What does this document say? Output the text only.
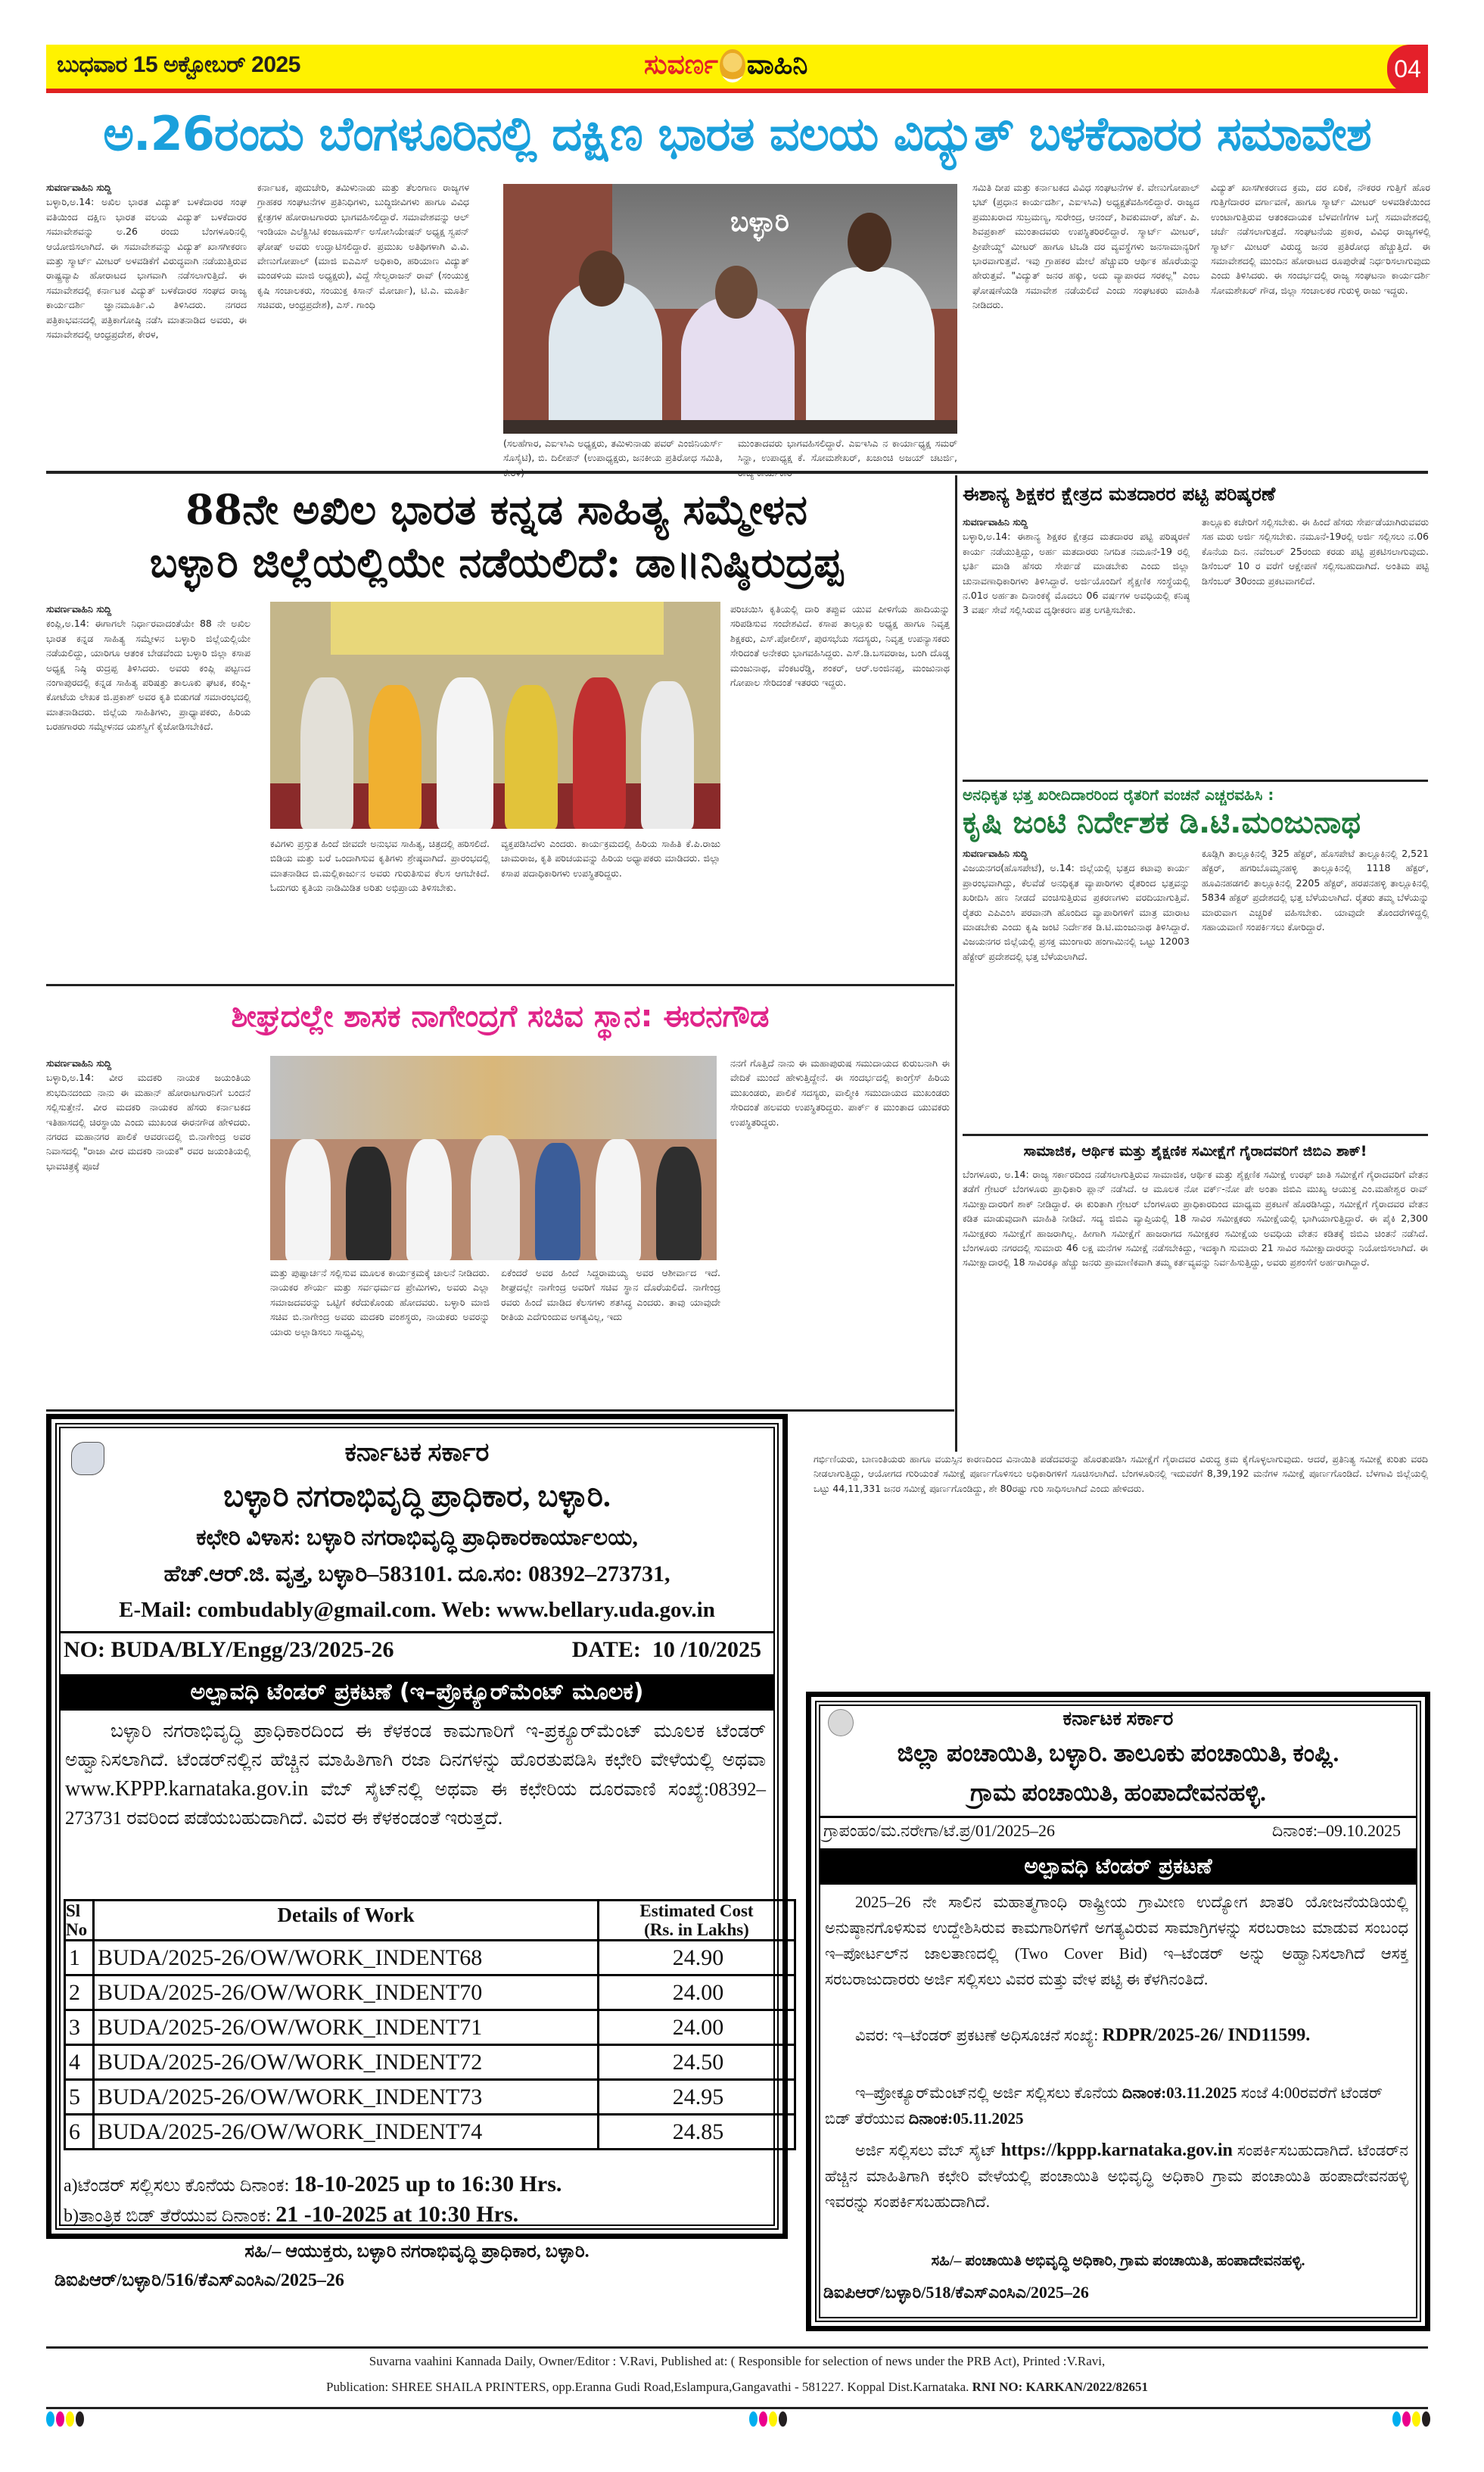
ಬುಧವಾರ 15 ಅಕ್ಟೋಬರ್ 2025	ಸುವರ್ಣ ವಾಹಿನಿ	04
ಅ.26ರಂದು ಬೆಂಗಳೂರಿನಲ್ಲಿ ದಕ್ಷಿಣ ಭಾರತ ವಲಯ ವಿದ್ಯುತ್ ಬಳಕೆದಾರರ ಸಮಾವೇಶ
ಸುವರ್ಣವಾಹಿನಿ ಸುದ್ದಿ
ಬಳ್ಳಾರಿ,ಅ.14: ಅಖಿಲ ಭಾರತ ವಿದ್ಯುತ್ ಬಳಕೆದಾರರ ಸಂಘ ವತಿಯಿಂದ ದಕ್ಷಿಣ ಭಾರತ ವಲಯ ವಿದ್ಯುತ್ ಬಳಕೆದಾರರ ಸಮಾವೇಶವನ್ನು ಅ.26 ರಂದು ಬೆಂಗಳೂರಿನಲ್ಲಿ ಆಯೋಜಿಸಲಾಗಿದೆ. ಈ ಸಮಾವೇಶವನ್ನು ವಿದ್ಯುತ್ ಖಾಸಗೀಕರಣ ಮತ್ತು ಸ್ಮಾರ್ಟ್ ಮೀಟರ್ ಅಳವಡಿಕೆಗೆ ವಿರುದ್ಧವಾಗಿ ನಡೆಯುತ್ತಿರುವ ರಾಷ್ಟ್ರವ್ಯಾಪಿ ಹೋರಾಟದ ಭಾಗವಾಗಿ ನಡೆಸಲಾಗುತ್ತಿದೆ. ಈ ಸಮಾವೇಶದಲ್ಲಿ ಕರ್ನಾಟಕ ವಿದ್ಯುತ್ ಬಳಕೆದಾರರ ಸಂಘದ ರಾಜ್ಯ ಕಾರ್ಯದರ್ಶಿ ಜ್ಞಾನಮೂರ್ತಿ.ವಿ ತಿಳಿಸಿದರು. ನಗರದ ಪತ್ರಿಕಾಭವನದಲ್ಲಿ ಪತ್ರಿಕಾಗೋಷ್ಠಿ ನಡೆಸಿ ಮಾತನಾಡಿದ ಅವರು, ಈ ಸಮಾವೇಶದಲ್ಲಿ ಆಂಧ್ರಪ್ರದೇಶ, ಕೇರಳ,
ಕರ್ನಾಟಕ, ಪುದುಚೇರಿ, ತಮಿಳುನಾಡು ಮತ್ತು ತೆಲಂಗಾಣ ರಾಜ್ಯಗಳ ಗ್ರಾಹಕರ ಸಂಘಟನೆಗಳ ಪ್ರತಿನಿಧಿಗಳು, ಬುದ್ಧಿಜೀವಿಗಳು ಹಾಗೂ ವಿವಿಧ ಕ್ಷೇತ್ರಗಳ ಹೋರಾಟಗಾರರು ಭಾಗವಹಿಸಲಿದ್ದಾರೆ. ಸಮಾವೇಶವನ್ನು ಆಲ್ ಇಂಡಿಯಾ ಎಲೆಕ್ಟ್ರಿಸಿಟಿ ಕಂಜೂಮರ್ಸ್ ಅಸೋಸಿಯೇಷನ್ ಅಧ್ಯಕ್ಷ ಸ್ವಪನ್ ಘೋಷ್ ಅವರು ಉದ್ಘಾಟಿಸಲಿದ್ದಾರೆ. ಪ್ರಮುಖ ಅತಿಥಿಗಳಾಗಿ ವಿ.ವಿ. ವೇಣುಗೋಪಾಲ್ (ಮಾಜಿ ಐಎಎಸ್ ಅಧಿಕಾರಿ, ಹರಿಯಾಣ ವಿದ್ಯುತ್ ಮಂಡಳಿಯ ಮಾಜಿ ಅಧ್ಯಕ್ಷರು), ವಿದ್ದೆ ಸೇಲ್ವರಾಜನ್ ರಾವ್ (ಸಂಯುಕ್ತ ಕೃಷಿ ಸಂಚಾಲಕರು, ಸಂಯುಕ್ತ ಕಿಸಾನ್ ಮೋರ್ಚಾ), ಟಿ.ಎ. ಮೂರ್ತಿ ಸಚಿವರು, ಆಂಧ್ರಪ್ರದೇಶ), ಎಸ್. ಗಾಂಧಿ
ಬಳ್ಳಾರಿ
(ಸಲಹೆಗಾರ, ಎಐಇಸಿಎ ಅಧ್ಯಕ್ಷರು, ತಮಿಳುನಾಡು ಪವರ್ ಎಂಜಿನಿಯರ್ಸ್ ಸೊಸೈಟಿ), ಬಿ. ದಿಲೀಪನ್ (ಉಪಾಧ್ಯಕ್ಷರು, ಜನಕೀಯ ಪ್ರತಿರೋಧ ಸಮಿತಿ,
ಮುಂತಾದವರು ಭಾಗವಹಿಸಲಿದ್ದಾರೆ. ಎಐಇಸಿಎ ನ ಕಾರ್ಯಾಧ್ಯಕ್ಷ ಸಮರ್ ಸಿನ್ಹಾ, ಉಪಾಧ್ಯಕ್ಷ ಕೆ. ಸೋಮಶೇಖರ್, ಖಜಾಂಚಿ ಅಜಯ್ ಚಟರ್ಜಿ,
ಸಮಿತಿ ದೀಪ ಮತ್ತು ಕರ್ನಾಟಕದ ವಿವಿಧ ಸಂಘಟನೆಗಳ ಕೆ. ವೇಣುಗೋಪಾಲ್ ಭಟ್ (ಪ್ರಧಾನ ಕಾರ್ಯದರ್ಶಿ, ಎಐಇಸಿಎ) ಅಧ್ಯಕ್ಷತೆವಹಿಸಲಿದ್ದಾರೆ. ರಾಜ್ಯದ ಪ್ರಮುಖರಾದ ಸುಬ್ರಮಣ್ಯ, ಸುರೇಂದ್ರ, ಆನಂದ್, ಶಿವಕುಮಾರ್, ಹೆಚ್. ಪಿ. ಶಿವಪ್ರಕಾಶ್ ಮುಂತಾದವರು ಉಪಸ್ಥಿತರಿರಲಿದ್ದಾರೆ. ಸ್ಮಾರ್ಟ್ ಮೀಟರ್, ಪ್ರೀಪೇಯ್ಡ್ ಮೀಟರ್ ಹಾಗೂ ಟಿಒಡಿ ದರ ವ್ಯವಸ್ಥೆಗಳು ಜನಸಾಮಾನ್ಯರಿಗೆ ಭಾರವಾಗುತ್ತವೆ. ಇವು ಗ್ರಾಹಕರ ಮೇಲೆ ಹೆಚ್ಚುವರಿ ಆರ್ಥಿಕ ಹೊರೆಯನ್ನು ಹೇರುತ್ತವೆ. "ವಿದ್ಯುತ್ ಜನರ ಹಕ್ಕು, ಅದು ವ್ಯಾಪಾರದ ಸರಕಲ್ಲ" ಎಂಬ ಘೋಷಣೆಯಡಿ ಸಮಾವೇಶ ನಡೆಯಲಿದೆ ಎಂದು ಸಂಘಟಕರು ಮಾಹಿತಿ ನೀಡಿದರು.
ವಿದ್ಯುತ್ ಖಾಸಗೀಕರಣದ ಕ್ರಮ, ದರ ಏರಿಕೆ, ನೌಕರರ ಗುತ್ತಿಗೆ ಹೊರ ಗುತ್ತಿಗೆದಾರರ ವರ್ಗಾವಣೆ, ಹಾಗೂ ಸ್ಮಾರ್ಟ್ ಮೀಟರ್ ಅಳವಡಿಕೆಯಿಂದ ಉಂಟಾಗುತ್ತಿರುವ ಆತಂಕದಾಯಕ ಬೆಳವಣಿಗೆಗಳ ಬಗ್ಗೆ ಸಮಾವೇಶದಲ್ಲಿ ಚರ್ಚೆ ನಡೆಸಲಾಗುತ್ತದೆ. ಸಂಘಟನೆಯ ಪ್ರಕಾರ, ವಿವಿಧ ರಾಜ್ಯಗಳಲ್ಲಿ ಸ್ಮಾರ್ಟ್ ಮೀಟರ್ ವಿರುದ್ಧ ಜನರ ಪ್ರತಿರೋಧ ಹೆಚ್ಚುತ್ತಿದೆ. ಈ ಸಮಾವೇಶದಲ್ಲಿ ಮುಂದಿನ ಹೋರಾಟದ ರೂಪುರೇಷೆ ನಿರ್ಧರಿಸಲಾಗುವುದು ಎಂದು ತಿಳಿಸಿದರು. ಈ ಸಂದರ್ಭದಲ್ಲಿ ರಾಜ್ಯ ಸಂಘಟನಾ ಕಾರ್ಯದರ್ಶಿ ಸೋಮಶೇಖರ್ ಗೌಡ, ಜಿಲ್ಲಾ ಸಂಚಾಲಕರ ಗುರುಳ್ಳಿ ರಾಜು ಇದ್ದರು.
88ನೇ ಅಖಿಲ ಭಾರತ ಕನ್ನಡ ಸಾಹಿತ್ಯ ಸಮ್ಮೇಳನ
ಬಳ್ಳಾರಿ ಜಿಲ್ಲೆಯಲ್ಲಿಯೇ ನಡೆಯಲಿದೆ: ಡಾ॥ನಿಷ್ಠಿರುದ್ರಪ್ಪ
ಸುವರ್ಣವಾಹಿನಿ ಸುದ್ದಿ
ಕಂಪ್ಲಿ,ಅ.14: ಈಗಾಗಲೇ ನಿರ್ಧಾರವಾದಂತೆಯೇ 88 ನೇ ಅಖಿಲ ಭಾರತ ಕನ್ನಡ ಸಾಹಿತ್ಯ ಸಮ್ಮೇಳನ ಬಳ್ಳಾರಿ ಜಿಲ್ಲೆಯಲ್ಲಿಯೇ ನಡೆಯಲಿದ್ದು, ಯಾರಿಗೂ ಆತಂಕ ಬೇಡವೆಂದು ಬಳ್ಳಾರಿ ಜಿಲ್ಲಾ ಕಸಾಪ ಅಧ್ಯಕ್ಷ ನಿಷ್ಠಿ ರುದ್ರಪ್ಪ ತಿಳಿಸಿದರು. ಅವರು ಕಂಪ್ಲಿ ಪಟ್ಟಣದ ನಂಗಾಪುರದಲ್ಲಿ ಕನ್ನಡ ಸಾಹಿತ್ಯ ಪರಿಷತ್ತು ತಾಲೂಕು ಘಟಕ, ಕಂಪ್ಲಿ-ಕೋಟೆಯ ಲೇಖಕ ಜಿ.ಪ್ರಕಾಶ್ ಅವರ ಕೃತಿ ಬಿಡುಗಡೆ ಸಮಾರಂಭದಲ್ಲಿ ಮಾತನಾಡಿದರು. ಜಿಲ್ಲೆಯ ಸಾಹಿತಿಗಳು, ಪ್ರಾಧ್ಯಾಪಕರು, ಹಿರಿಯ ಬರಹಗಾರರು ಸಮ್ಮೇಳನದ ಯಶಸ್ವಿಗೆ ಕೈಜೋಡಿಸಬೇಕಿದೆ.
ಕವಿಗಳು ಪ್ರಸ್ತುತ ಹಿಂದೆ ಜೀವದೇ ಅನುಭವ ಸಾಹಿತ್ಯ, ಚಿತ್ರದಲ್ಲಿ ಹರಿಸಲಿದೆ. ಬಿಡಿಯ ಮತ್ತು ಬರೆ ಒಂದಾಗಿಸುವ ಕೃತಿಗಳು ಶ್ರೇಷ್ಠವಾಗಿದೆ. ಪ್ರಾರಂಭದಲ್ಲಿ ಮಾತನಾಡಿದ ಬಿ.ಮಲ್ಲಿಕಾರ್ಜುನ ಅವರು ಗುರುತಿಸುವ ಕೆಲಸ ಆಗಬೇಕಿದೆ. ಓದುಗರು ಕೃತಿಯ ನಾಡಿಮಿಡಿತ ಅರಿತು ಅಭಿಪ್ರಾಯ ತಿಳಿಸಬೇಕು.
ವ್ಯಕ್ತಪಡಿಸಿದೆಳು ಎಂದರು. ಕಾರ್ಯಕ್ರಮದಲ್ಲಿ ಹಿರಿಯ ಸಾಹಿತಿ ಕೆ.ಪಿ.ರಾಜು ಚಾಮರಾಜ, ಕೃತಿ ಪರಿಚಯವನ್ನು ಹಿರಿಯ ಅಧ್ಯಾಪಕರು ಮಾಡಿದರು. ಜಿಲ್ಲಾ ಕಸಾಪ ಪದಾಧಿಕಾರಿಗಳು ಉಪಸ್ಥಿತರಿದ್ದರು.
ಪರಿಚಯಿಸಿ ಕೃತಿಯಲ್ಲಿ ದಾರಿ ತಪ್ಪುವ ಯುವ ಪೀಳಿಗೆಯ ಹಾದಿಯನ್ನು ಸರಿಪಡಿಸುವ ಸಂದೇಶವಿದೆ. ಕಸಾಪ ತಾಲ್ಲೂಕು ಅಧ್ಯಕ್ಷ ಹಾಗೂ ನಿವೃತ್ತ ಶಿಕ್ಷಕರು, ಎಸ್.ಪೋಲೀಸ್, ಪುರಸಭೆಯ ಸದಸ್ಯರು, ನಿವೃತ್ತ ಉಪನ್ಯಾಸಕರು ಸೇರಿದಂತೆ ಅನೇಕರು ಭಾಗವಹಿಸಿದ್ದರು. ಎಸ್.ಡಿ.ಬಸವರಾಜ, ಬಂಗಿ ದೊಡ್ಡ ಮಂಜುನಾಥ, ವೆಂಕಟರೆಡ್ಡಿ, ಶಂಕರ್, ಆರ್.ಅಂಜಿನಪ್ಪ, ಮಂಜುನಾಥ ಗೋಪಾಲ ಸೇರಿದಂತೆ ಇತರರು ಇದ್ದರು.
ಈಶಾನ್ಯ ಶಿಕ್ಷಕರ ಕ್ಷೇತ್ರದ ಮತದಾರರ ಪಟ್ಟಿ ಪರಿಷ್ಕರಣೆ
ಸುವರ್ಣವಾಹಿನಿ ಸುದ್ದಿ
ಬಳ್ಳಾರಿ,ಅ.14: ಈಶಾನ್ಯ ಶಿಕ್ಷಕರ ಕ್ಷೇತ್ರದ ಮತದಾರರ ಪಟ್ಟಿ ಪರಿಷ್ಕರಣೆ ಕಾರ್ಯ ನಡೆಯುತ್ತಿದ್ದು, ಅರ್ಹ ಮತದಾರರು ನಿಗದಿತ ನಮೂನೆ-19 ರಲ್ಲಿ ಭರ್ತಿ ಮಾಡಿ ಹೆಸರು ಸೇರ್ಪಡೆ ಮಾಡಬೇಕು ಎಂದು ಜಿಲ್ಲಾ ಚುನಾವಣಾಧಿಕಾರಿಗಳು ತಿಳಿಸಿದ್ದಾರೆ. ಅರ್ಜಿಯೊಂದಿಗೆ ಶೈಕ್ಷಣಿಕ ಸಂಸ್ಥೆಯಲ್ಲಿ ನ.01ರ ಅರ್ಹತಾ ದಿನಾಂಕಕ್ಕೆ ಮೊದಲು 06 ವರ್ಷಗಳ ಅವಧಿಯಲ್ಲಿ ಕನಿಷ್ಠ 3 ವರ್ಷ ಸೇವೆ ಸಲ್ಲಿಸಿರುವ ದೃಢೀಕರಣ ಪತ್ರ ಲಗತ್ತಿಸಬೇಕು.
ತಾಲ್ಲೂಕು ಕಚೇರಿಗೆ ಸಲ್ಲಿಸಬೇಕು. ಈ ಹಿಂದೆ ಹೆಸರು ಸೇರ್ಪಡೆಯಾಗಿರುವವರು ಸಹ ಮರು ಅರ್ಜಿ ಸಲ್ಲಿಸಬೇಕು. ನಮೂನೆ-19ರಲ್ಲಿ ಅರ್ಜಿ ಸಲ್ಲಿಸಲು ನ.06 ಕೊನೆಯ ದಿನ. ನವೆಂಬರ್ 25ರಂದು ಕರಡು ಪಟ್ಟಿ ಪ್ರಕಟಿಸಲಾಗುವುದು. ಡಿಸೆಂಬರ್ 10 ರ ವರೆಗೆ ಆಕ್ಷೇಪಣೆ ಸಲ್ಲಿಸಬಹುದಾಗಿದೆ. ಅಂತಿಮ ಪಟ್ಟಿ ಡಿಸೆಂಬರ್ 30ರಂದು ಪ್ರಕಟವಾಗಲಿದೆ.
ಅನಧಿಕೃತ ಭತ್ತ ಖರೀದಿದಾರರಿಂದ ರೈತರಿಗೆ ವಂಚನೆ ಎಚ್ಚರವಹಿಸಿ :
ಕೃಷಿ ಜಂಟಿ ನಿರ್ದೇಶಕ ಡಿ.ಟಿ.ಮಂಜುನಾಥ
ಸುವರ್ಣವಾಹಿನಿ ಸುದ್ದಿ
ವಿಜಯನಗರ(ಹೊಸಪೇಟೆ), ಅ.14: ಜಿಲ್ಲೆಯಲ್ಲಿ ಭತ್ತದ ಕಟಾವು ಕಾರ್ಯ ಪ್ರಾರಂಭವಾಗಿದ್ದು, ಕೆಲವೆಡೆ ಅನಧಿಕೃತ ವ್ಯಾಪಾರಿಗಳು ರೈತರಿಂದ ಭತ್ತವನ್ನು ಖರೀದಿಸಿ ಹಣ ನೀಡದೆ ವಂಚಿಸುತ್ತಿರುವ ಪ್ರಕರಣಗಳು ವರದಿಯಾಗುತ್ತಿವೆ. ರೈತರು ಎಪಿಎಂಸಿ ಪರವಾನಗಿ ಹೊಂದಿದ ವ್ಯಾಪಾರಿಗಳಿಗೆ ಮಾತ್ರ ಮಾರಾಟ ಮಾಡಬೇಕು ಎಂದು ಕೃಷಿ ಜಂಟಿ ನಿರ್ದೇಶಕ ಡಿ.ಟಿ.ಮಂಜುನಾಥ ತಿಳಿಸಿದ್ದಾರೆ. ವಿಜಯನಗರ ಜಿಲ್ಲೆಯಲ್ಲಿ ಪ್ರಸಕ್ತ ಮುಂಗಾರು ಹಂಗಾಮಿನಲ್ಲಿ ಒಟ್ಟು 12003 ಹೆಕ್ಟೇರ್ ಪ್ರದೇಶದಲ್ಲಿ ಭತ್ತ ಬೆಳೆಯಲಾಗಿದೆ.
ಕೂಡ್ಲಿಗಿ ತಾಲ್ಲೂಕಿನಲ್ಲಿ 325 ಹೆಕ್ಟರ್, ಹೊಸಪೇಟೆ ತಾಲ್ಲೂಕಿನಲ್ಲಿ 2,521 ಹೆಕ್ಟರ್, ಹಗರಿಬೊಮ್ಮನಹಳ್ಳಿ ತಾಲ್ಲೂಕಿನಲ್ಲಿ 1118 ಹೆಕ್ಟರ್, ಹೂವಿನಹಡಗಲಿ ತಾಲ್ಲೂಕಿನಲ್ಲಿ 2205 ಹೆಕ್ಟರ್, ಹರಪನಹಳ್ಳಿ ತಾಲ್ಲೂಕಿನಲ್ಲಿ 5834 ಹೆಕ್ಟರ್ ಪ್ರದೇಶದಲ್ಲಿ ಭತ್ತ ಬೆಳೆಯಲಾಗಿದೆ. ರೈತರು ತಮ್ಮ ಬೆಳೆಯನ್ನು ಮಾರುವಾಗ ಎಚ್ಚರಿಕೆ ವಹಿಸಬೇಕು. ಯಾವುದೇ ತೊಂದರೆಗಳಿದ್ದಲ್ಲಿ ಸಹಾಯವಾಣಿ ಸಂಪರ್ಕಿಸಲು ಕೋರಿದ್ದಾರೆ.
ಸಾಮಾಜಿಕ, ಆರ್ಥಿಕ ಮತ್ತು ಶೈಕ್ಷಣಿಕ ಸಮೀಕ್ಷೆಗೆ ಗೈರಾದವರಿಗೆ ಜಿಬಿಎ ಶಾಕ್!
ಬೆಂಗಳೂರು, ಅ.14: ರಾಜ್ಯ ಸರ್ಕಾರದಿಂದ ನಡೆಸಲಾಗುತ್ತಿರುವ ಸಾಮಾಜಿಕ, ಆರ್ಥಿಕ ಮತ್ತು ಶೈಕ್ಷಣಿಕ ಸಮೀಕ್ಷೆ ಉರಫ್ ಜಾತಿ ಸಮೀಕ್ಷೆಗೆ ಗೈರಾದವರಿಗೆ ವೇತನ ತಡೆಗೆ ಗ್ರೇಟರ್ ಬೆಂಗಳೂರು ಪ್ರಾಧಿಕಾರಿ ಪ್ಲಾನ್ ನಡೆಸಿದೆ. ಆ ಮೂಲಕ ನೋ ವರ್ಕ್-ನೋ ಪೇ ಅಂತಾ ಜಿಬಿಎ ಮುಖ್ಯ ಆಯುಕ್ತ ಎಂ.ಮಹೇಶ್ವರ ರಾವ್ ಸಮೀಕ್ಷಾದಾರರಿಗೆ ಶಾಕ್ ನೀಡಿದ್ದಾರೆ. ಈ ಕುರಿತಾಗಿ ಗ್ರೇಟರ್ ಬೆಂಗಳೂರು ಪ್ರಾಧಿಕಾರದಿಂದ ಮಾಧ್ಯಮ ಪ್ರಕಟಣೆ ಹೊರಡಿಸಿದ್ದು, ಸಮೀಕ್ಷೆಗೆ ಗೈರಾದವರ ವೇತನ ಕಡಿತ ಮಾಡುವುದಾಗಿ ಮಾಹಿತಿ ನೀಡಿದೆ. ಸದ್ಯ ಜಿಬಿಎ ವ್ಯಾಪ್ತಿಯಲ್ಲಿ 18 ಸಾವಿರ ಸಮೀಕ್ಷಕರು ಸಮೀಕ್ಷೆಯಲ್ಲಿ ಭಾಗಿಯಾಗುತ್ತಿದ್ದಾರೆ. ಈ ಪೈಕಿ 2,300 ಸಮೀಕ್ಷಕರು ಸಮೀಕ್ಷೆಗೆ ಹಾಜರಾಗಿಲ್ಲ. ಹೀಗಾಗಿ ಸಮೀಕ್ಷೆಗೆ ಹಾಜರಾಗದ ಸಮೀಕ್ಷಕರ ಸಮೀಕ್ಷೆಯ ಅವಧಿಯ ವೇತನ ಕಡಿತಕ್ಕೆ ಜಿಬಿಎ ಚಿಂತನೆ ನಡೆಸಿದೆ. ಬೆಂಗಳೂರು ನಗರದಲ್ಲಿ ಸುಮಾರು 46 ಲಕ್ಷ ಮನೆಗಳ ಸಮೀಕ್ಷೆ ನಡೆಸಬೇಕಿದ್ದು, ಇದಕ್ಕಾಗಿ ಸುಮಾರು 21 ಸಾವಿರ ಸಮೀಕ್ಷಾದಾರರನ್ನು ನಿಯೋಜಿಸಲಾಗಿದೆ. ಈ ಸಮೀಕ್ಷಾದಾರಲ್ಲಿ 18 ಸಾವಿರಕ್ಕೂ ಹೆಚ್ಚು ಜನರು ಪ್ರಾಮಾಣಿಕವಾಗಿ ತಮ್ಮ ಕರ್ತವ್ಯವನ್ನು ನಿರ್ವಹಿಸುತ್ತಿದ್ದು, ಅವರು ಪ್ರಶಂಸೆಗೆ ಅರ್ಹರಾಗಿದ್ದಾರೆ.
ಶೀಘ್ರದಲ್ಲೇ ಶಾಸಕ ನಾಗೇಂದ್ರಗೆ ಸಚಿವ ಸ್ಥಾನ: ಈರನಗೌಡ
ಸುವರ್ಣವಾಹಿನಿ ಸುದ್ದಿ
ಬಳ್ಳಾರಿ,ಅ.14: ವೀರ ಮದಕರಿ ನಾಯಕ ಜಯಂತಿಯ ಶುಭದಿನದಂದು ನಾನು ಈ ಮಹಾನ್ ಹೋರಾಟಗಾರನಿಗೆ ಬಂದನೆ ಸಲ್ಲಿಸುತ್ತೇನೆ. ವೀರ ಮದಕರಿ ನಾಯಕರ ಹೆಸರು ಕರ್ನಾಟಕದ ಇತಿಹಾಸದಲ್ಲಿ ಚಿರಸ್ಥಾಯಿ ಎಂದು ಮುಖಂಡ ಈರನಗೌಡ ಹೇಳಿದರು. ನಗರದ ಮಹಾನಗರ ಪಾಲಿಕೆ ಆವರಣದಲ್ಲಿ ಬಿ.ನಾಗೇಂದ್ರ ಅವರ ನಿವಾಸದಲ್ಲಿ "ರಾಜಾ ವೀರ ಮದಕರಿ ನಾಯಕ" ರವರ ಜಯಂತಿಯಲ್ಲಿ ಭಾವಚಿತ್ರಕ್ಕೆ ಪೂಜೆ
ಮತ್ತು ಪುಷ್ಪಾರ್ಚನೆ ಸಲ್ಲಿಸುವ ಮೂಲಕ ಕಾರ್ಯಕ್ರಮಕ್ಕೆ ಚಾಲನೆ ನೀಡಿದರು. ನಾಯಕರ ಶೌರ್ಯ ಮತ್ತು ಸರ್ವಧರ್ಮದ ಪ್ರೇಮಿಗಳು, ಅವರು ಎಲ್ಲಾ ಸಮಾಜದವರನ್ನು ಒಟ್ಟಿಗೆ ಕರೆದುಕೊಂಡು ಹೋದವರು. ಬಳ್ಳಾರಿ ಮಾಜಿ ಸಚಿವ ಬಿ.ನಾಗೇಂದ್ರ ಅವರು ಮದಕರಿ ವಂಶಸ್ಥರು, ನಾಯಕರು ಅವರನ್ನು ಯಾರು ಅಲ್ಲಾಡಿಸಲು ಸಾಧ್ಯವಿಲ್ಲ
ಏಕೆಂದರೆ ಅವರ ಹಿಂದೆ ಸಿದ್ದರಾಮಯ್ಯ ಅವರ ಆಶೀರ್ವಾದ ಇದೆ. ಶೀಘ್ರದಲ್ಲೇ ನಾಗೇಂದ್ರ ಅವರಿಗೆ ಸಚಿವ ಸ್ಥಾನ ದೊರೆಯಲಿದೆ. ನಾಗೇಂದ್ರ ರವರು ಹಿಂದೆ ಮಾಡಿದ ಕೆಲಸಗಳು ಶತಸಿದ್ಧ ಎಂದರು. ತಾವು ಯಾವುದೇ ರೀತಿಯ ಎದೆಗುಂದುವ ಅಗತ್ಯವಿಲ್ಲ, ಇದು
ನನಗೆ ಗೊತ್ತಿದೆ ನಾನು ಈ ಮಹಾಪುರುಷ ಸಮುದಾಯದ ಕುರುಬನಾಗಿ ಈ ವೇದಿಕೆ ಮುಂದೆ ಹೇಳುತ್ತಿದ್ದೇನೆ. ಈ ಸಂದರ್ಭದಲ್ಲಿ ಕಾಂಗ್ರೆಸ್ ಹಿರಿಯ ಮುಖಂಡರು, ಪಾಲಿಕೆ ಸದಸ್ಯರು, ವಾಲ್ಮೀಕಿ ಸಮುದಾಯದ ಮುಖಂಡರು ಸೇರಿದಂತೆ ಹಲವರು ಉಪಸ್ಥಿತರಿದ್ದರು. ಪಾರ್ಕ್ ಕ ಮುಂತಾದ ಯುವಕರು ಉಪಸ್ಥಿತರಿದ್ದರು.
ಕರ್ನಾಟಕ ಸರ್ಕಾರ
ಬಳ್ಳಾರಿ ನಗರಾಭಿವೃದ್ಧಿ ಪ್ರಾಧಿಕಾರ, ಬಳ್ಳಾರಿ.
ಕಛೇರಿ ವಿಳಾಸ: ಬಳ್ಳಾರಿ ನಗರಾಭಿವೃದ್ಧಿ ಪ್ರಾಧಿಕಾರಕಾರ್ಯಾಲಯ,
ಹೆಚ್.ಆರ್.ಜಿ. ವೃತ್ತ, ಬಳ್ಳಾರಿ–583101. ದೂ.ಸಂ: 08392–273731,
E-Mail: combudably@gmail.com. Web: www.bellary.uda.gov.in
NO: BUDA/BLY/Engg/23/2025-26	DATE:  10 /10/2025
ಅಲ್ಪಾವಧಿ ಟೆಂಡರ್ ಪ್ರಕಟಣೆ (ಇ–ಪ್ರೊಕ್ಯೂರ್‌ಮೆಂಟ್ ಮೂಲಕ)
ಬಳ್ಳಾರಿ ನಗರಾಭಿವೃದ್ಧಿ ಪ್ರಾಧಿಕಾರದಿಂದ ಈ ಕೆಳಕಂಡ ಕಾಮಗಾರಿಗೆ ಇ-ಪ್ರಕ್ಯೂರ್‌ಮೆಂಟ್ ಮೂಲಕ ಟೆಂಡರ್ ಅಹ್ವಾನಿಸಲಾಗಿದೆ. ಟೆಂಡರ್‌ನಲ್ಲಿನ ಹೆಚ್ಚಿನ ಮಾಹಿತಿಗಾಗಿ ರಜಾ ದಿನಗಳನ್ನು ಹೊರತುಪಡಿಸಿ ಕಛೇರಿ ವೇಳೆಯಲ್ಲಿ ಅಥವಾ www.KPPP.karnataka.gov.in ವೆಬ್ ಸೈಟ್‌ನಲ್ಲಿ ಅಥವಾ ಈ ಕಛೇರಿಯ ದೂರವಾಣಿ ಸಂಖ್ಯೆ:08392–273731 ರವರಿಂದ ಪಡೆಯಬಹುದಾಗಿದೆ. ವಿವರ ಈ ಕೆಳಕಂಡಂತೆ ಇರುತ್ತದೆ.
Sl
No	Details of Work	Estimated Cost
(Rs. in Lakhs)
1	BUDA/2025-26/OW/WORK_INDENT68	24.90
2	BUDA/2025-26/OW/WORK_INDENT70	24.00
3	BUDA/2025-26/OW/WORK_INDENT71	24.00
4	BUDA/2025-26/OW/WORK_INDENT72	24.50
5	BUDA/2025-26/OW/WORK_INDENT73	24.95
6	BUDA/2025-26/OW/WORK_INDENT74	24.85
a)ಟೆಂಡರ್ ಸಲ್ಲಿಸಲು ಕೊನೆಯ ದಿನಾಂಕ: 18-10-2025 up to 16:30 Hrs.
b)ತಾಂತ್ರಿಕ ಬಿಡ್ ತೆರೆಯುವ ದಿನಾಂಕ: 21 -10-2025 at 10:30 Hrs.
ಸಹಿ/– ಆಯುಕ್ತರು, ಬಳ್ಳಾರಿ ನಗರಾಭಿವೃದ್ಧಿ ಪ್ರಾಧಿಕಾರ, ಬಳ್ಳಾರಿ.
ಡಿಐಪಿಆರ್/ಬಳ್ಳಾರಿ/516/ಕೆಎಸ್‌ಎಂಸಿಎ/2025–26
ಗರ್ಭಿಣಿಯರು, ಬಾಣಂತಿಯರು ಹಾಗೂ ವಯಸ್ಸಿನ ಕಾರಣದಿಂದ ವಿನಾಯಿತಿ ಪಡೆದವರನ್ನು ಹೊರತುಪಡಿಸಿ ಸಮೀಕ್ಷೆಗೆ ಗೈರಾದವರ ವಿರುದ್ಧ ಕ್ರಮ ಕೈಗೊಳ್ಳಲಾಗುವುದು. ಆದರೆ, ಪ್ರತಿನಿತ್ಯ ಸಮೀಕ್ಷೆ ಕುರಿತು ವರದಿ ನೀಡಲಾಗುತ್ತಿದ್ದು, ಆಯೋಗದ ಗುರಿಯಂತೆ ಸಮೀಕ್ಷೆ ಪೂರ್ಣಗೊಳಿಸಲು ಅಧಿಕಾರಿಗಳಿಗೆ ಸೂಚಿಸಲಾಗಿದೆ. ಬೆಂಗಳೂರಿನಲ್ಲಿ ಇದುವರೆಗೆ 8,39,192 ಮನೆಗಳ ಸಮೀಕ್ಷೆ ಪೂರ್ಣಗೊಂಡಿದೆ. ಬೆಳಗಾವಿ ಜಿಲ್ಲೆಯಲ್ಲಿ ಒಟ್ಟು 44,11,331 ಜನರ ಸಮೀಕ್ಷೆ ಪೂರ್ಣಗೊಂಡಿದ್ದು, ಶೇ 80ರಷ್ಟು ಗುರಿ ಸಾಧಿಸಲಾಗಿದೆ ಎಂದು ಹೇಳಿದರು.
ಕರ್ನಾಟಕ ಸರ್ಕಾರ
ಜಿಲ್ಲಾ ಪಂಚಾಯಿತಿ, ಬಳ್ಳಾರಿ. ತಾಲೂಕು ಪಂಚಾಯಿತಿ, ಕಂಪ್ಲಿ.
ಗ್ರಾಮ ಪಂಚಾಯಿತಿ, ಹಂಪಾದೇವನಹಳ್ಳಿ.
ಗ್ರಾಪಂಹಂ/ಮ.ನರೇಗಾ/ಟೆ.ಪ್ರ/01/2025–26	ದಿನಾಂಕ:–09.10.2025
ಅಲ್ಪಾವಧಿ ಟೆಂಡರ್ ಪ್ರಕಟಣೆ
2025–26 ನೇ ಸಾಲಿನ ಮಹಾತ್ಮಗಾಂಧಿ ರಾಷ್ಟ್ರೀಯ ಗ್ರಾಮೀಣ ಉದ್ಯೋಗ ಖಾತರಿ ಯೋಜನೆಯಡಿಯಲ್ಲಿ ಅನುಷ್ಠಾನಗೊಳಿಸುವ ಉದ್ದೇಶಿಸಿರುವ ಕಾಮಗಾರಿಗಳಿಗೆ ಅಗತ್ಯವಿರುವ ಸಾಮಾಗ್ರಿಗಳನ್ನು ಸರಬರಾಜು ಮಾಡುವ ಸಂಬಂಧ ಇ–ಪೋರ್ಟಲ್‌ನ ಜಾಲತಾಣದಲ್ಲಿ (Two Cover Bid) ಇ–ಟೆಂಡರ್ ಅನ್ನು ಅಹ್ವಾನಿಸಲಾಗಿದೆ ಆಸಕ್ತ ಸರಬರಾಜುದಾರರು ಅರ್ಜಿ ಸಲ್ಲಿಸಲು ವಿವರ ಮತ್ತು ವೇಳ ಪಟ್ಟಿ ಈ ಕೆಳಗಿನಂತಿದೆ.
ವಿವರ: ಇ–ಟೆಂಡರ್ ಪ್ರಕಟಣೆ ಅಧಿಸೂಚನೆ ಸಂಖ್ಯೆ: RDPR/2025-26/ IND11599.
ಇ–ಪ್ರೋಕ್ಯೂರ್‌ಮೆಂಟ್‌ನಲ್ಲಿ ಅರ್ಜಿ ಸಲ್ಲಿಸಲು ಕೊನೆಯ ದಿನಾಂಕ:03.11.2025 ಸಂಜೆ 4:00ರವರೆಗೆ ಟೆಂಡರ್ ಬಿಡ್ ತೆರೆಯುವ ದಿನಾಂಕ:05.11.2025
ಅರ್ಜಿ ಸಲ್ಲಿಸಲು ವೆಬ್ ಸೈಟ್ https://kppp.karnataka.gov.in ಸಂಪರ್ಕಿಸಬಹುದಾಗಿದೆ. ಟೆಂಡರ್‌ನ ಹೆಚ್ಚಿನ ಮಾಹಿತಿಗಾಗಿ ಕಛೇರಿ ವೇಳೆಯಲ್ಲಿ ಪಂಚಾಯಿತಿ ಅಭಿವೃದ್ಧಿ ಅಧಿಕಾರಿ ಗ್ರಾಮ ಪಂಚಾಯಿತಿ ಹಂಪಾದೇವನಹಳ್ಳಿ ಇವರನ್ನು ಸಂಪರ್ಕಿಸಬಹುದಾಗಿದೆ.
ಸಹಿ/– ಪಂಚಾಯಿತಿ ಅಭಿವೃದ್ಧಿ ಅಧಿಕಾರಿ, ಗ್ರಾಮ ಪಂಚಾಯಿತಿ, ಹಂಪಾದೇವನಹಳ್ಳಿ.
ಡಿಐಪಿಆರ್/ಬಳ್ಳಾರಿ/518/ಕೆಎಸ್‌ಎಂಸಿಎ/2025–26
Suvarna vaahini Kannada Daily, Owner/Editor : V.Ravi, Published at: ( Responsible for selection of news under the PRB Act), Printed :V.Ravi,
Publication: SHREE SHAILA PRINTERS, opp.Eranna Gudi Road,Eslampura,Gangavathi - 581227. Koppal Dist.Karnataka. RNI NO: KARKAN/2022/82651
